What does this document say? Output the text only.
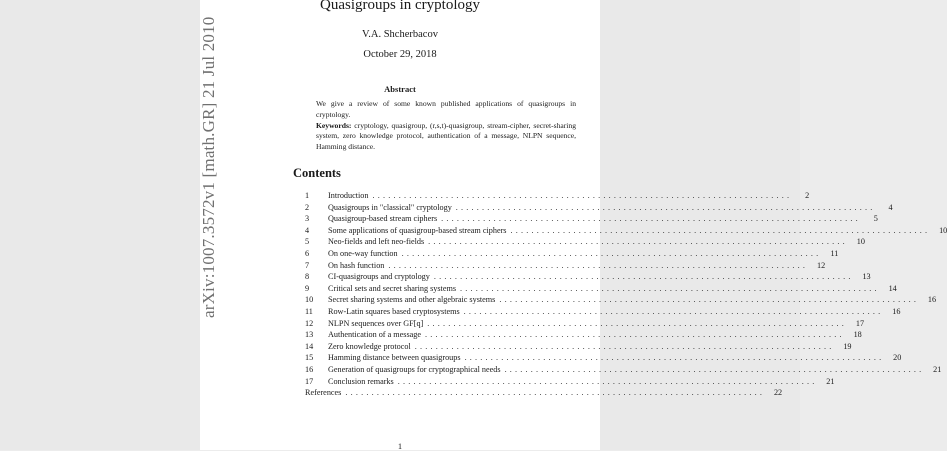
Quasigroups in cryptology
V.A. Shcherbacov
October 29, 2018
Abstract
We give a review of some known published applications of quasigroups in cryptology.
Keywords: cryptology, quasigroup, (r,s,t)-quasigroup, stream-cipher, secret-sharing system, zero knowledge protocol, authentication of a message, NLPN sequence, Hamming distance.
Contents
1	Introduction ................................................................................	2
2	Quasigroups in "classical" cryptology ................................................................................	4
3	Quasigroup-based stream ciphers ................................................................................	5
4	Some applications of quasigroup-based stream ciphers ................................................................................	10
5	Neo-fields and left neo-fields ................................................................................	10
6	On one-way function ................................................................................	11
7	On hash function ................................................................................	12
8	CI-quasigroups and cryptology ................................................................................	13
9	Critical sets and secret sharing systems ................................................................................	14
10	Secret sharing systems and other algebraic systems ................................................................................	16
11	Row-Latin squares based cryptosystems ................................................................................	16
12	NLPN sequences over GF[q] ................................................................................	17
13	Authentication of a message ................................................................................	18
14	Zero knowledge protocol ................................................................................	19
15	Hamming distance between quasigroups ................................................................................	20
16	Generation of quasigroups for cryptographical needs ................................................................................	21
17	Conclusion remarks ................................................................................	21
References ................................................................................	22
1
arXiv:1007.3572v1 [math.GR] 21 Jul 2010
